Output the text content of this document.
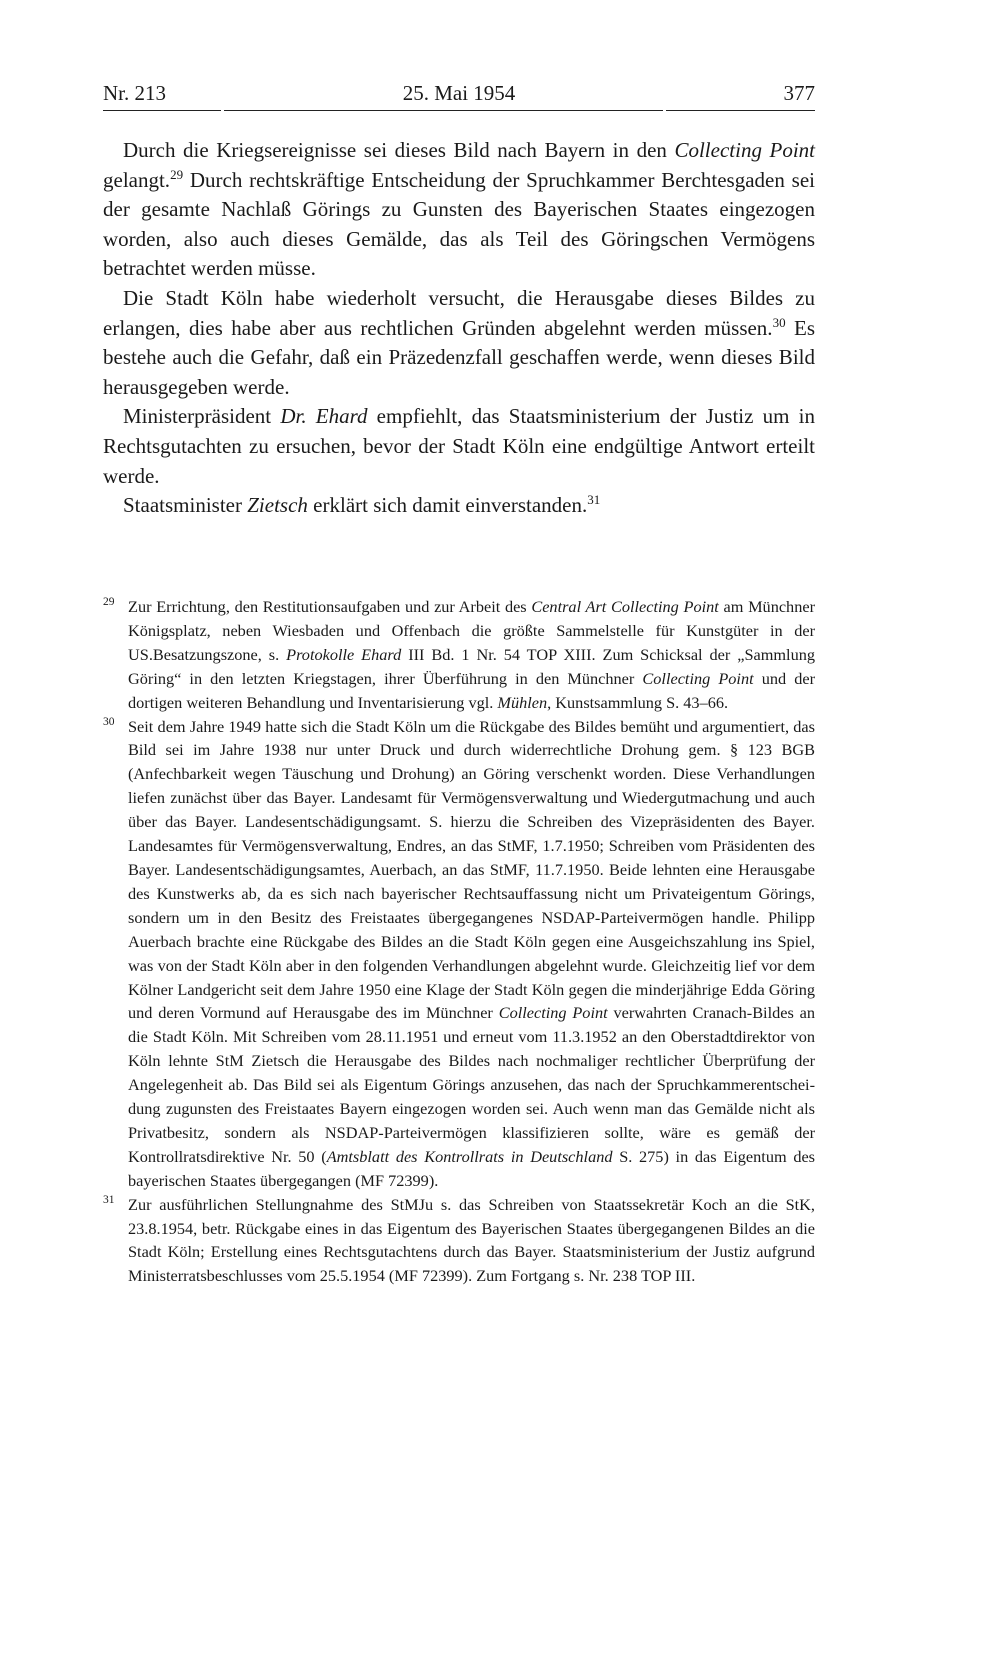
Nr. 213	25. Mai 1954	377

Durch die Kriegsereignisse sei dieses Bild nach Bayern in den Collecting Point gelangt.$^{29}$ Durch rechtskräftige Entscheidung der Spruchkammer Berchtesgaden sei der gesamte Nachlaß Görings zu Gunsten des Bayerischen Staates eingezogen worden, also auch dieses Gemälde, das als Teil des Göringschen Vermögens betrachtet werden müsse.

Die Stadt Köln habe wiederholt versucht, die Herausgabe dieses Bildes zu erlangen, dies habe aber aus rechtlichen Gründen abgelehnt werden müssen.$^{30}$ Es bestehe auch die Gefahr, daß ein Präzedenzfall geschaffen werde, wenn dieses Bild herausgegeben werde.

Ministerpräsident Dr. Ehard empfiehlt, das Staatsministerium der Justiz um in Rechtsgutachten zu ersuchen, bevor der Stadt Köln eine endgültige Antwort erteilt werde.

Staatsminister Zietsch erklärt sich damit einverstanden.$^{31}$

29 Zur Errichtung, den Restitutionsaufgaben und zur Arbeit des Central Art Collecting Point am Münchner Königsplatz, neben Wiesbaden und Offenbach die größte Sammelstelle für Kunstgüter in der US.Besatzungszone, s. Protokolle Ehard III Bd. 1 Nr. 54 TOP XIII. Zum Schicksal der „Sammlung Göring“ in den letzten Kriegstagen, ihrer Überführung in den Münchner Collecting Point und der dortigen weiteren Behandlung und Inventarisierung vgl. Mühlen, Kunstsammlung S. 43–66.
30 Seit dem Jahre 1949 hatte sich die Stadt Köln um die Rückgabe des Bildes bemüht und argumentiert, das Bild sei im Jahre 1938 nur unter Druck und durch widerrechtliche Drohung gem. § 123 BGB (Anfechbarkeit wegen Täuschung und Drohung) an Göring verschenkt worden. Diese Verhandlungen liefen zunächst über das Bayer. Landesamt für Vermögensverwaltung und Wiedergutmachung und auch über das Bayer. Landesentschädigungsamt. S. hierzu die Schreiben des Vizepräsidenten des Bayer. Landesamtes für Vermögensverwaltung, Endres, an das StMF, 1.7.1950; Schreiben vom Präsidenten des Bayer. Landesentschädigungsamtes, Auerbach, an das StMF, 11.7.1950. Beide lehnten eine Herausgabe des Kunstwerks ab, da es sich nach bayerischer Rechtsauffassung nicht um Privateigentum Görings, sondern um in den Besitz des Freistaates übergegangenes NSDAP-Parteivermögen handle. Philipp Auerbach brachte eine Rückgabe des Bildes an die Stadt Köln gegen eine Ausgeichszahlung ins Spiel, was von der Stadt Köln aber in den folgenden Verhandlungen abgelehnt wurde. Gleichzeitig lief vor dem Kölner Landgericht seit dem Jahre 1950 eine Klage der Stadt Köln gegen die minderjährige Edda Göring und deren Vormund auf Herausgabe des im Münchner Collecting Point verwahrten Cranach-Bildes an die Stadt Köln. Mit Schreiben vom 28.11.1951 und erneut vom 11.3.1952 an den Oberstadtdirektor von Köln lehnte StM Zietsch die Herausgabe des Bildes nach nochmaliger rechtlicher Überprüfung der Angelegenheit ab. Das Bild sei als Eigentum Görings anzusehen, das nach der Spruchkammerentscheidung zugunsten des Freistaates Bayern eingezogen worden sei. Auch wenn man das Gemälde nicht als Privatbesitz, sondern als NSDAP-Parteivermögen klassifizieren sollte, wäre es gemäß der Kontrollratsdirektive Nr. 50 (Amtsblatt des Kontrollrats in Deutschland S. 275) in das Eigentum des bayerischen Staates übergegangen (MF 72399).
31 Zur ausführlichen Stellungnahme des StMJu s. das Schreiben von Staatssekretär Koch an die StK, 23.8.1954, betr. Rückgabe eines in das Eigentum des Bayerischen Staates übergegangenen Bildes an die Stadt Köln; Erstellung eines Rechtsgutachtens durch das Bayer. Staatsministerium der Justiz aufgrund Ministerratsbeschlusses vom 25.5.1954 (MF 72399). Zum Fortgang s. Nr. 238 TOP III.
